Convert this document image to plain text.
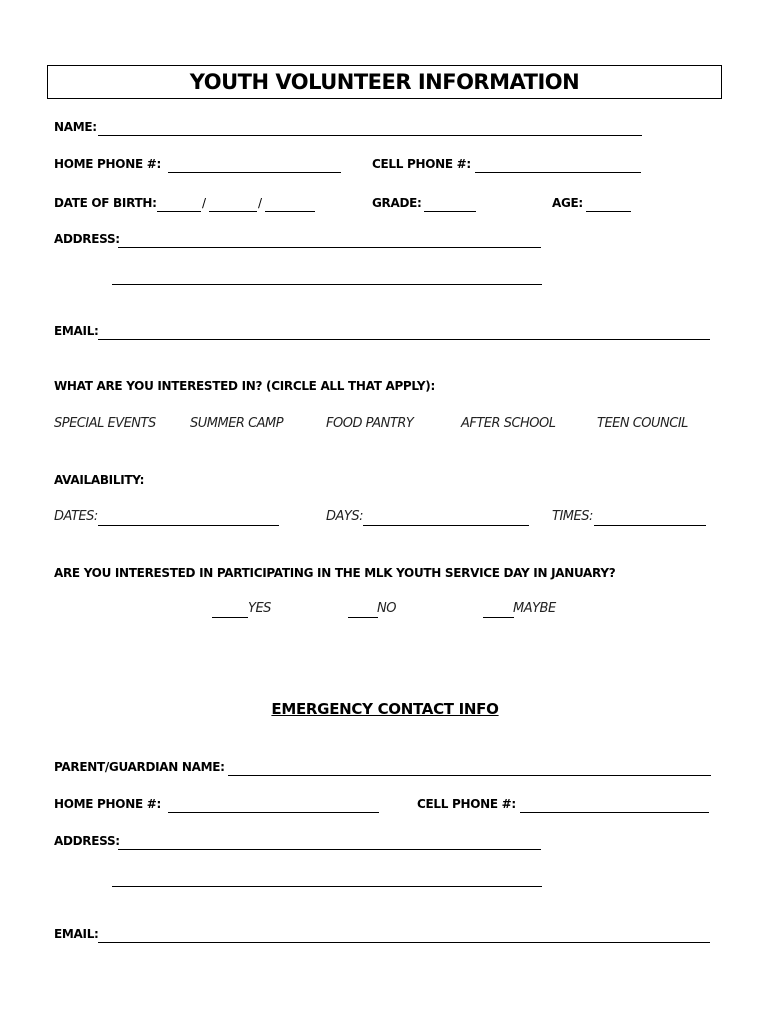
YOUTH VOLUNTEER INFORMATION
NAME:
HOME PHONE #:	CELL PHONE #:
DATE OF BIRTH:	/	/	GRADE:	AGE:
ADDRESS:
EMAIL:
WHAT ARE YOU INTERESTED IN? (CIRCLE ALL THAT APPLY):
SPECIAL EVENTS	SUMMER CAMP	FOOD PANTRY	AFTER SCHOOL	TEEN COUNCIL
AVAILABILITY:
DATES:	DAYS:	TIMES:
ARE YOU INTERESTED IN PARTICIPATING IN THE MLK YOUTH SERVICE DAY IN JANUARY?
YES	NO	MAYBE
EMERGENCY CONTACT INFO
PARENT/GUARDIAN NAME:
HOME PHONE #:	CELL PHONE #:
ADDRESS:
EMAIL:
